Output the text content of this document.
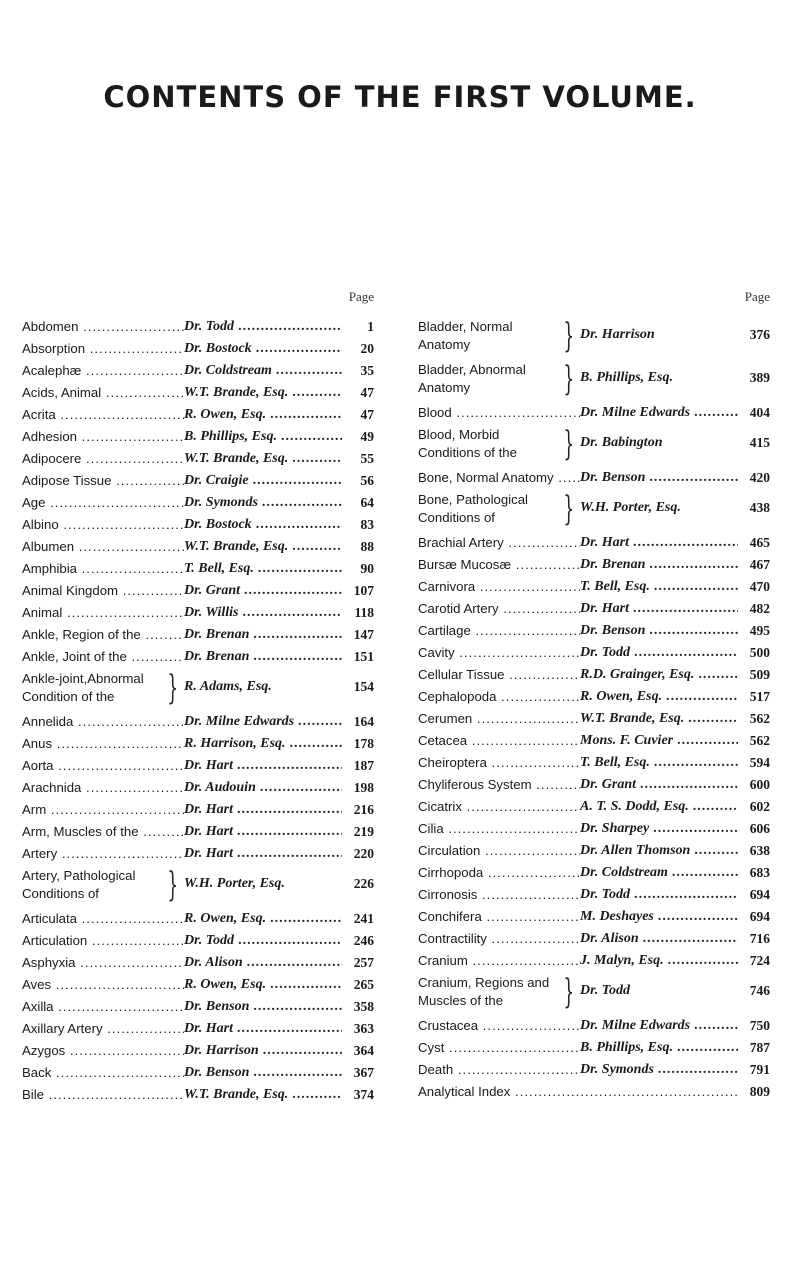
CONTENTS OF THE FIRST VOLUME.
Page
Abdomen .....	Dr. Todd .....	1
Absorption .....	Dr. Bostock .....	20
Acalephæ .....	Dr. Coldstream .....	35
Acids, Animal .....	W.T. Brande, Esq. .....	47
Acrita .....	R. Owen, Esq. .....	47
Adhesion .....	B. Phillips, Esq. .....	49
Adipocere .....	W.T. Brande, Esq. .....	55
Adipose Tissue .....	Dr. Craigie .....	56
Age .....	Dr. Symonds .....	64
Albino .....	Dr. Bostock .....	83
Albumen .....	W.T. Brande, Esq. .....	88
Amphibia .....	T. Bell, Esq. .....	90
Animal Kingdom .....	Dr. Grant .....	107
Animal .....	Dr. Willis .....	118
Ankle, Region of the .....	Dr. Brenan .....	147
Ankle, Joint of the .....	Dr. Brenan .....	151
Ankle-joint,Abnormal Condition of the	} R. Adams, Esq.	154
Annelida .....	Dr. Milne Edwards .....	164
Anus .....	R. Harrison, Esq. .....	178
Aorta .....	Dr. Hart .....	187
Arachnida .....	Dr. Audouin .....	198
Arm .....	Dr. Hart .....	216
Arm, Muscles of the .....	Dr. Hart .....	219
Artery .....	Dr. Hart .....	220
Artery, Pathological Conditions of	} W.H. Porter, Esq.	226
Articulata .....	R. Owen, Esq. .....	241
Articulation .....	Dr. Todd .....	246
Asphyxia .....	Dr. Alison .....	257
Aves .....	R. Owen, Esq. .....	265
Axilla .....	Dr. Benson .....	358
Axillary Artery .....	Dr. Hart .....	363
Azygos .....	Dr. Harrison .....	364
Back .....	Dr. Benson .....	367
Bile .....	W.T. Brande, Esq. .....	374
Page
Bladder, Normal Anatomy	} Dr. Harrison	376
Bladder, Abnormal Anatomy	} B. Phillips, Esq.	389
Blood .....	Dr. Milne Edwards .....	404
Blood, Morbid Conditions of the	} Dr. Babington	415
Bone, Normal Anatomy .....	Dr. Benson .....	420
Bone, Pathological Conditions of	} W.H. Porter, Esq.	438
Brachial Artery .....	Dr. Hart .....	465
Bursæ Mucosæ .....	Dr. Brenan .....	467
Carnivora .....	T. Bell, Esq. .....	470
Carotid Artery .....	Dr. Hart .....	482
Cartilage .....	Dr. Benson .....	495
Cavity .....	Dr. Todd .....	500
Cellular Tissue .....	R.D. Grainger, Esq. .....	509
Cephalopoda .....	R. Owen, Esq. .....	517
Cerumen .....	W.T. Brande, Esq. .....	562
Cetacea .....	Mons. F. Cuvier .....	562
Cheiroptera .....	T. Bell, Esq. .....	594
Chyliferous System .....	Dr. Grant .....	600
Cicatrix .....	A. T. S. Dodd, Esq. .....	602
Cilia .....	Dr. Sharpey .....	606
Circulation .....	Dr. Allen Thomson .....	638
Cirrhopoda .....	Dr. Coldstream .....	683
Cirronosis .....	Dr. Todd .....	694
Conchifera .....	M. Deshayes .....	694
Contractility .....	Dr. Alison .....	716
Cranium .....	J. Malyn, Esq. .....	724
Cranium, Regions and Muscles of the	} Dr. Todd	746
Crustacea .....	Dr. Milne Edwards .....	750
Cyst .....	B. Phillips, Esq. .....	787
Death .....	Dr. Symonds .....	791
Analytical Index .....	809
